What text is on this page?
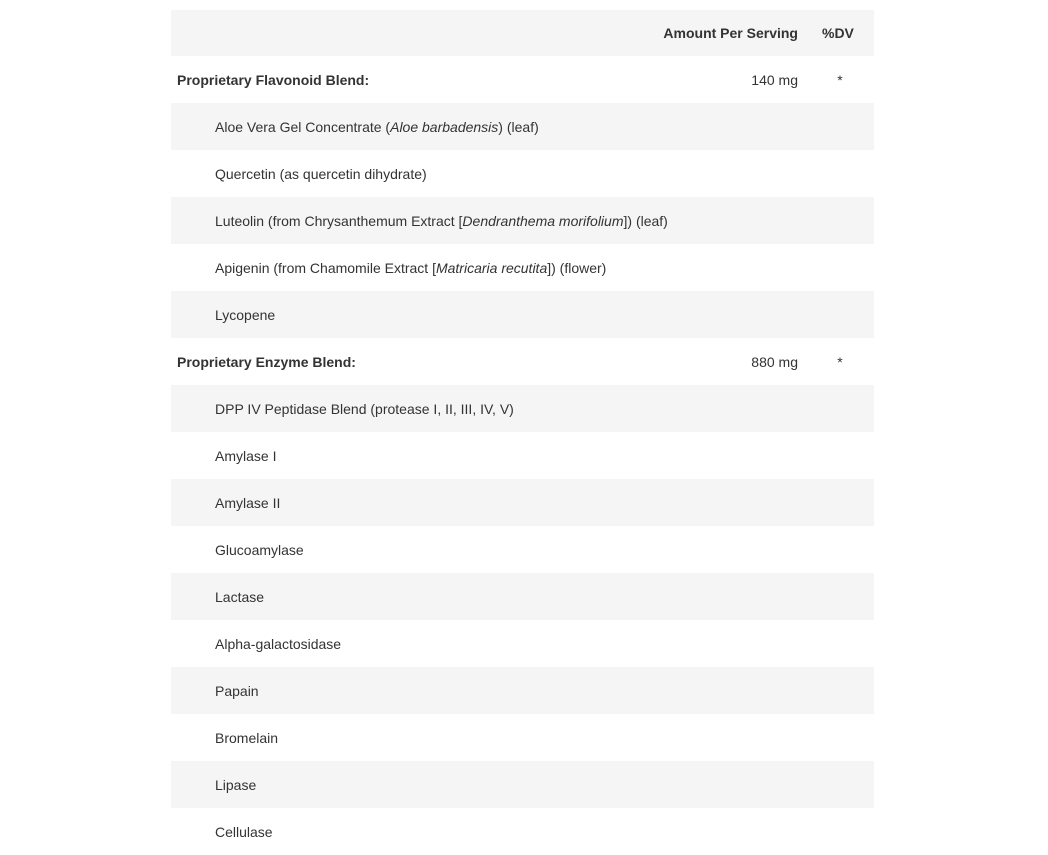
Amount Per Serving %DV
Proprietary Flavonoid Blend:	140 mg	*
Aloe Vera Gel Concentrate (Aloe barbadensis) (leaf)
Quercetin (as quercetin dihydrate)
Luteolin (from Chrysanthemum Extract [Dendranthema morifolium]) (leaf)
Apigenin (from Chamomile Extract [Matricaria recutita]) (flower)
Lycopene
Proprietary Enzyme Blend:	880 mg	*
DPP IV Peptidase Blend (protease I, II, III, IV, V)
Amylase I
Amylase II
Glucoamylase
Lactase
Alpha-galactosidase
Papain
Bromelain
Lipase
Cellulase
